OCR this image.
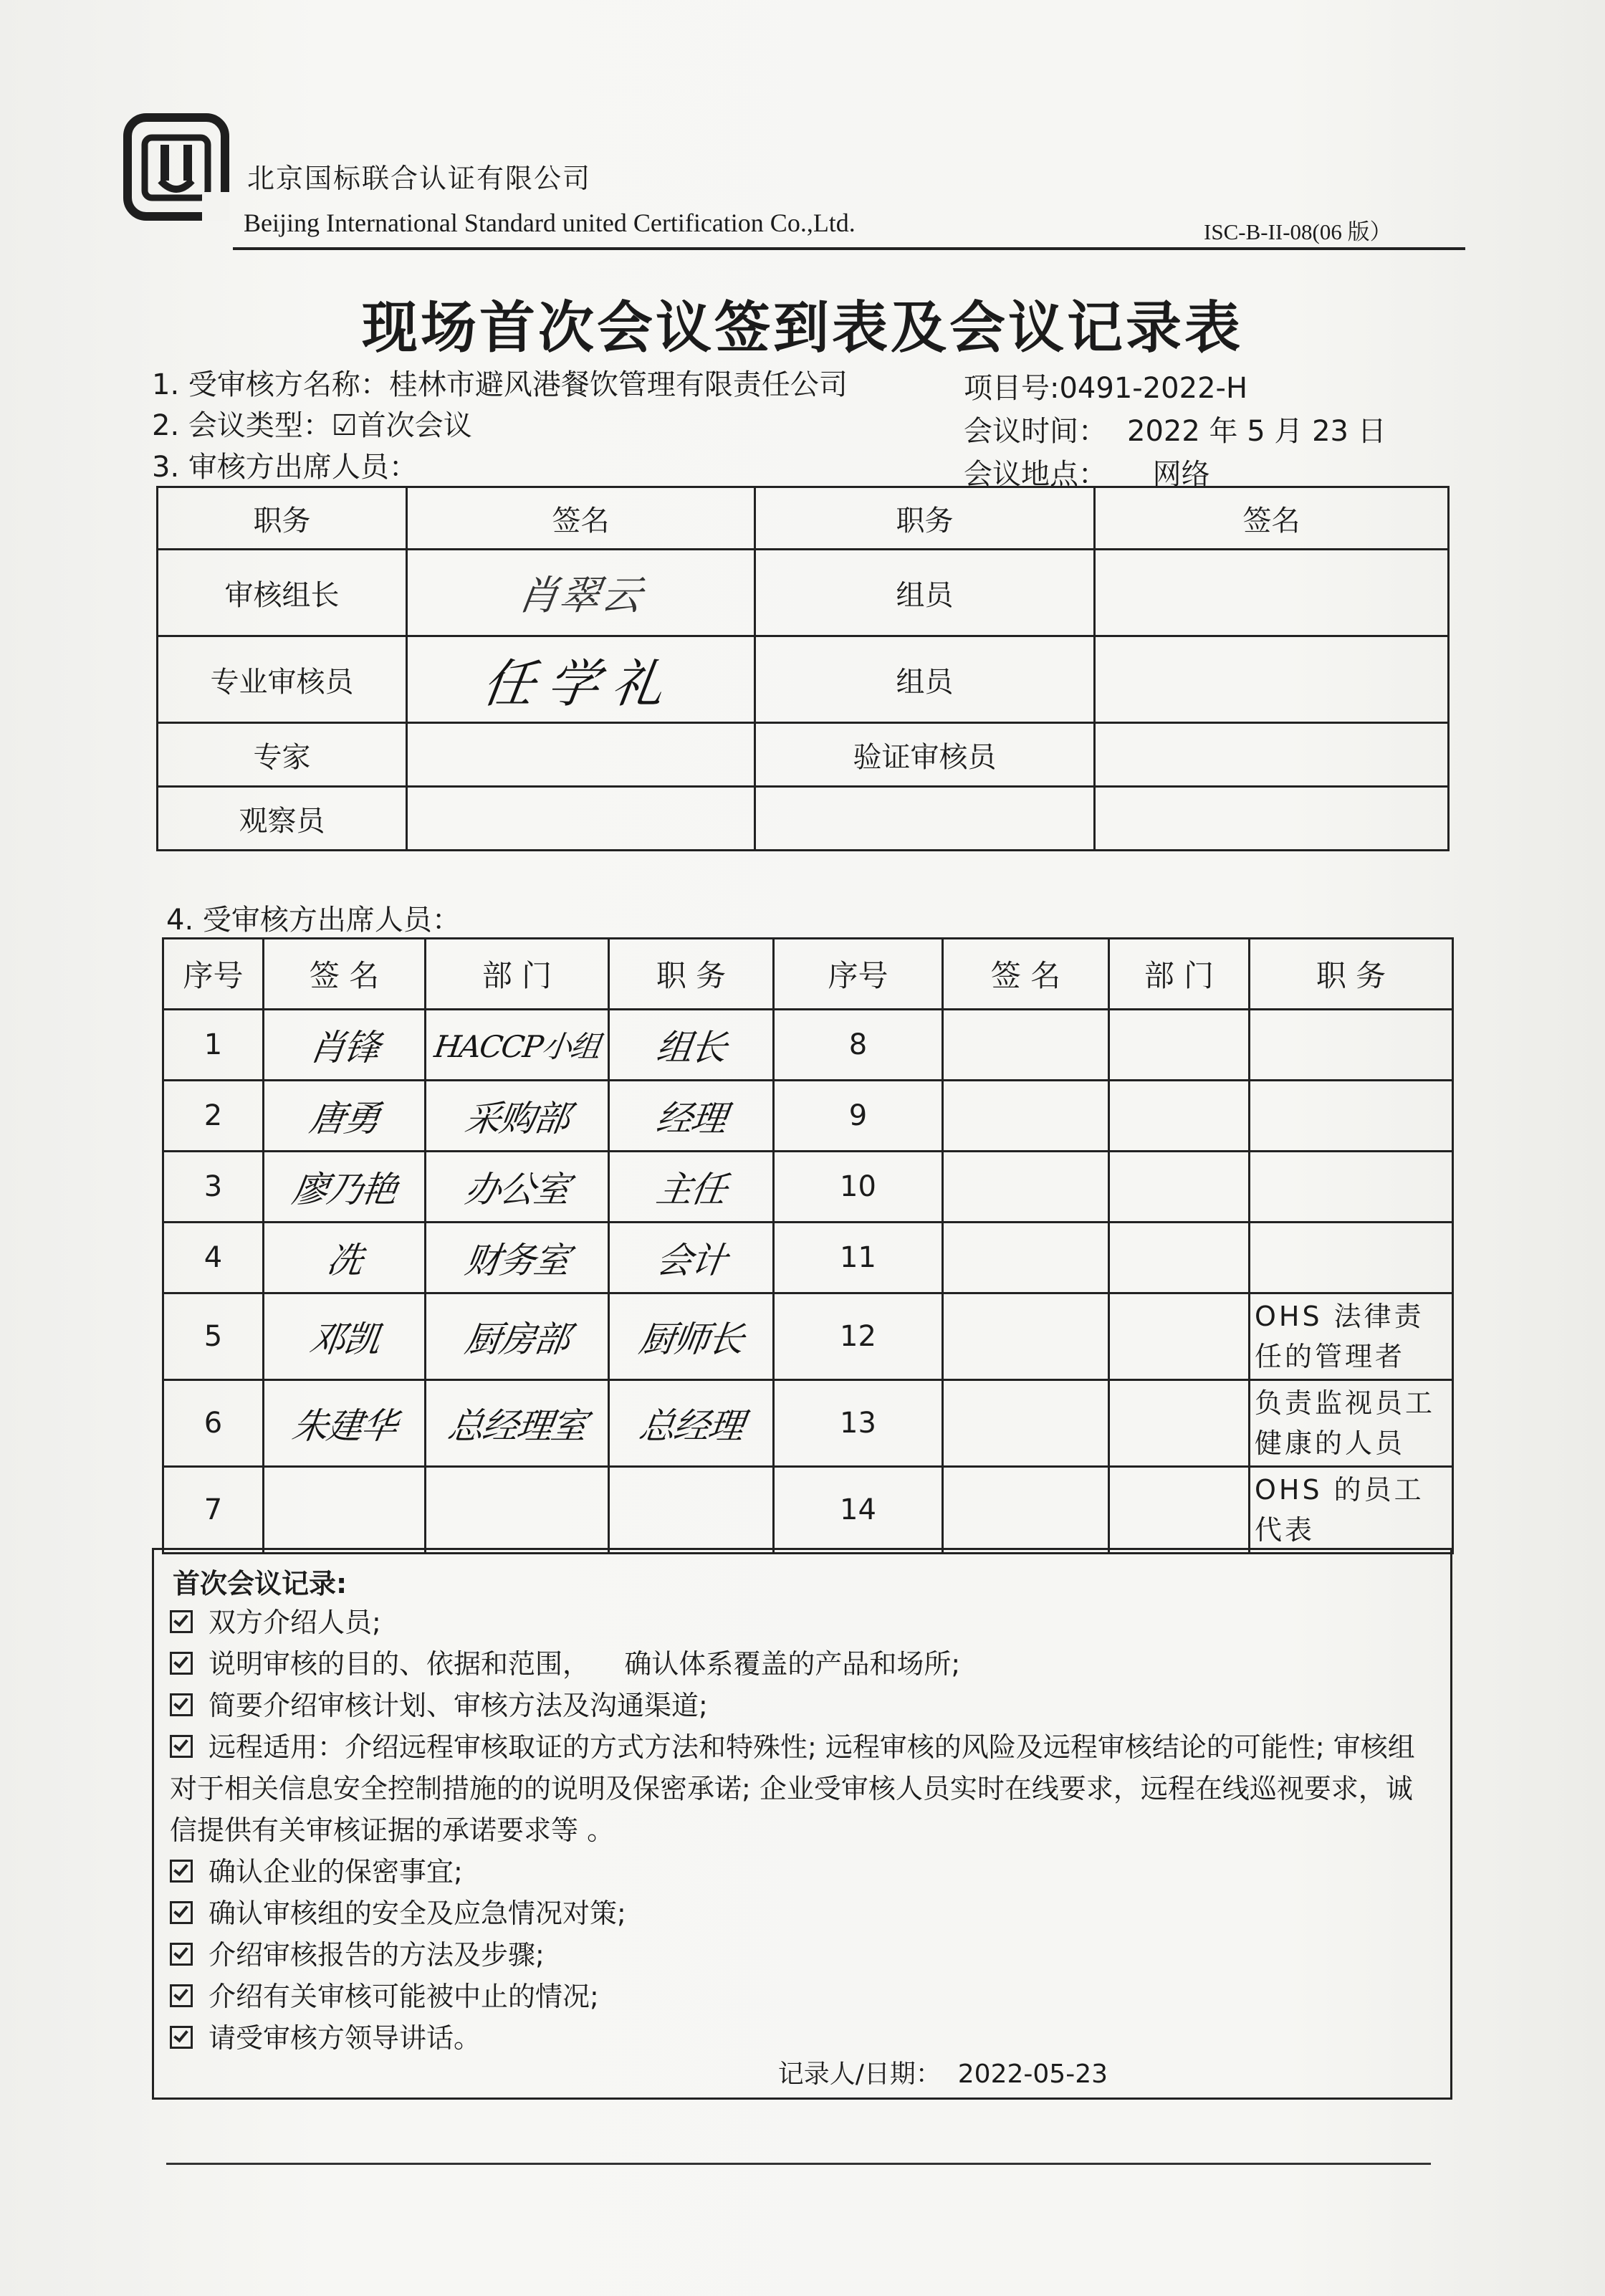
北京国标联合认证有限公司
Beijing International Standard united Certification Co.,Ltd.	ISC-B-II-08(06 版）
现场首次会议签到表及会议记录表
1. 受审核方名称：桂林市避风港餐饮管理有限责任公司
2. 会议类型：☑首次会议
3. 审核方出席人员：
项目号:0491-2022-H
会议时间： 2022 年 5 月 23 日
会议地点： 网络
职务	签名	职务	签名
审核组长	肖翠云	组员	
专业审核员	任学礼	组员	
专家		验证审核员	
观察员			
4. 受审核方出席人员：
序号	签 名	部 门	职 务	序号	签 名	部 门	职 务
1	肖锋	HACCP小组	组长	8			
2	唐勇	采购部	经理	9			
3	廖乃艳	办公室	主任	10			
4	冼	财务室	会计	11			
5	邓凯	厨房部	厨师长	12			OHS 法律责任的管理者
6	朱建华	总经理室	总经理	13			负责监视员工健康的人员
7				14			OHS 的员工代表
首次会议记录:
双方介绍人员;
说明审核的目的、依据和范围，    确认体系覆盖的产品和场所;
简要介绍审核计划、审核方法及沟通渠道;
远程适用：介绍远程审核取证的方式方法和特殊性; 远程审核的风险及远程审核结论的可能性; 审核组对于相关信息安全控制措施的的说明及保密承诺; 企业受审核人员实时在线要求，远程在线巡视要求，诚信提供有关审核证据的承诺要求等 。
确认企业的保密事宜;
确认审核组的安全及应急情况对策;
介绍审核报告的方法及步骤;
介绍有关审核可能被中止的情况;
请受审核方领导讲话。
记录人/日期： 2022-05-23
